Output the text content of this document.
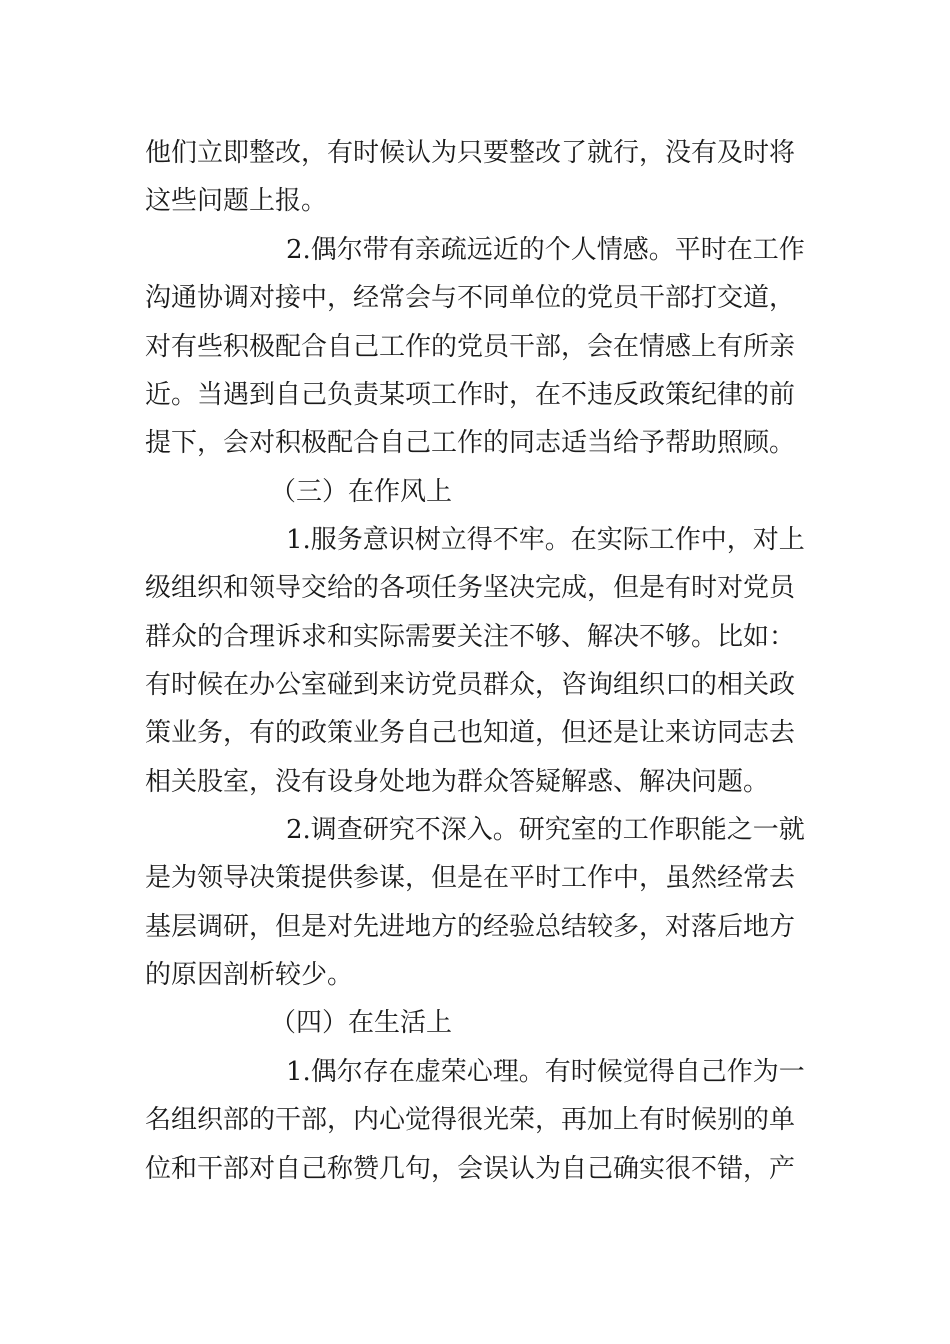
他们立即整改，有时候认为只要整改了就行，没有及时将

这些问题上报。

2.偶尔带有亲疏远近的个人情感。平时在工作

沟通协调对接中，经常会与不同单位的党员干部打交道，

对有些积极配合自己工作的党员干部，会在情感上有所亲

近。当遇到自己负责某项工作时，在不违反政策纪律的前

提下，会对积极配合自己工作的同志适当给予帮助照顾。

（三）在作风上

1.服务意识树立得不牢。在实际工作中，对上

级组织和领导交给的各项任务坚决完成，但是有时对党员

群众的合理诉求和实际需要关注不够、解决不够。比如：

有时候在办公室碰到来访党员群众，咨询组织口的相关政

策业务，有的政策业务自己也知道，但还是让来访同志去

相关股室，没有设身处地为群众答疑解惑、解决问题。

2.调查研究不深入。研究室的工作职能之一就

是为领导决策提供参谋，但是在平时工作中，虽然经常去

基层调研，但是对先进地方的经验总结较多，对落后地方

的原因剖析较少。

（四）在生活上

1.偶尔存在虚荣心理。有时候觉得自己作为一

名组织部的干部，内心觉得很光荣，再加上有时候别的单

位和干部对自己称赞几句，会误认为自己确实很不错，产
